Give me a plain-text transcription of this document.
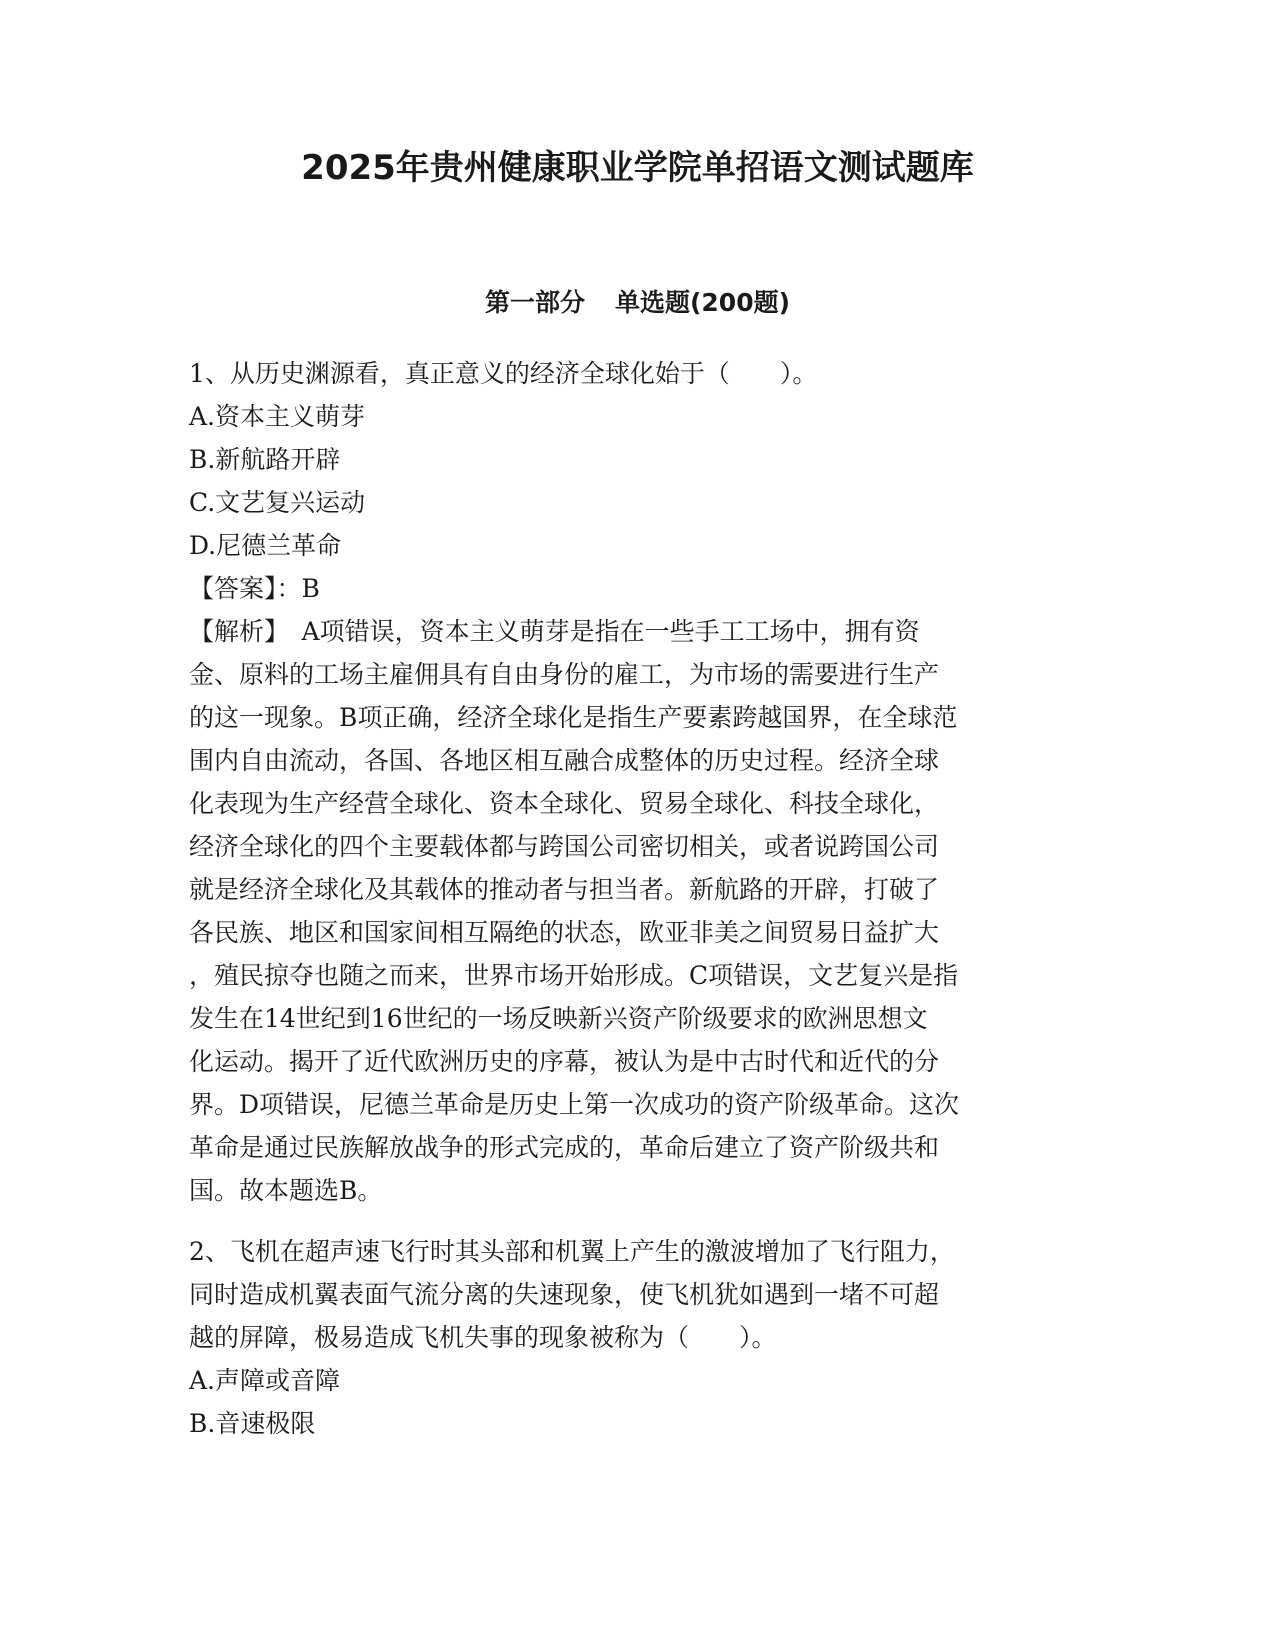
2025年贵州健康职业学院单招语文测试题库
第一部分 单选题(200题)
1、从历史渊源看，真正意义的经济全球化始于（　　）。
A.资本主义萌芽
B.新航路开辟
C.文艺复兴运动
D.尼德兰革命
【答案】：B
【解析】　 A项错误，资本主义萌芽是指在一些手工工场中，拥有资
金、原料的工场主雇佣具有自由身份的雇工，为市场的需要进行生产
的这一现象。B项正确，经济全球化是指生产要素跨越国界，在全球范
围内自由流动，各国、各地区相互融合成整体的历史过程。经济全球
化表现为生产经营全球化、资本全球化、贸易全球化、科技全球化，
经济全球化的四个主要载体都与跨国公司密切相关，或者说跨国公司
就是经济全球化及其载体的推动者与担当者。新航路的开辟，打破了
各民族、地区和国家间相互隔绝的状态，欧亚非美之间贸易日益扩大
，殖民掠夺也随之而来，世界市场开始形成。C项错误，文艺复兴是指
发生在14世纪到16世纪的一场反映新兴资产阶级要求的欧洲思想文
化运动。揭开了近代欧洲历史的序幕，被认为是中古时代和近代的分
界。D项错误，尼德兰革命是历史上第一次成功的资产阶级革命。这次
革命是通过民族解放战争的形式完成的，革命后建立了资产阶级共和
国。故本题选B。
2、飞机在超声速飞行时其头部和机翼上产生的激波增加了飞行阻力，
同时造成机翼表面气流分离的失速现象，使飞机犹如遇到一堵不可超
越的屏障，极易造成飞机失事的现象被称为（　　）。
A.声障或音障
B.音速极限
